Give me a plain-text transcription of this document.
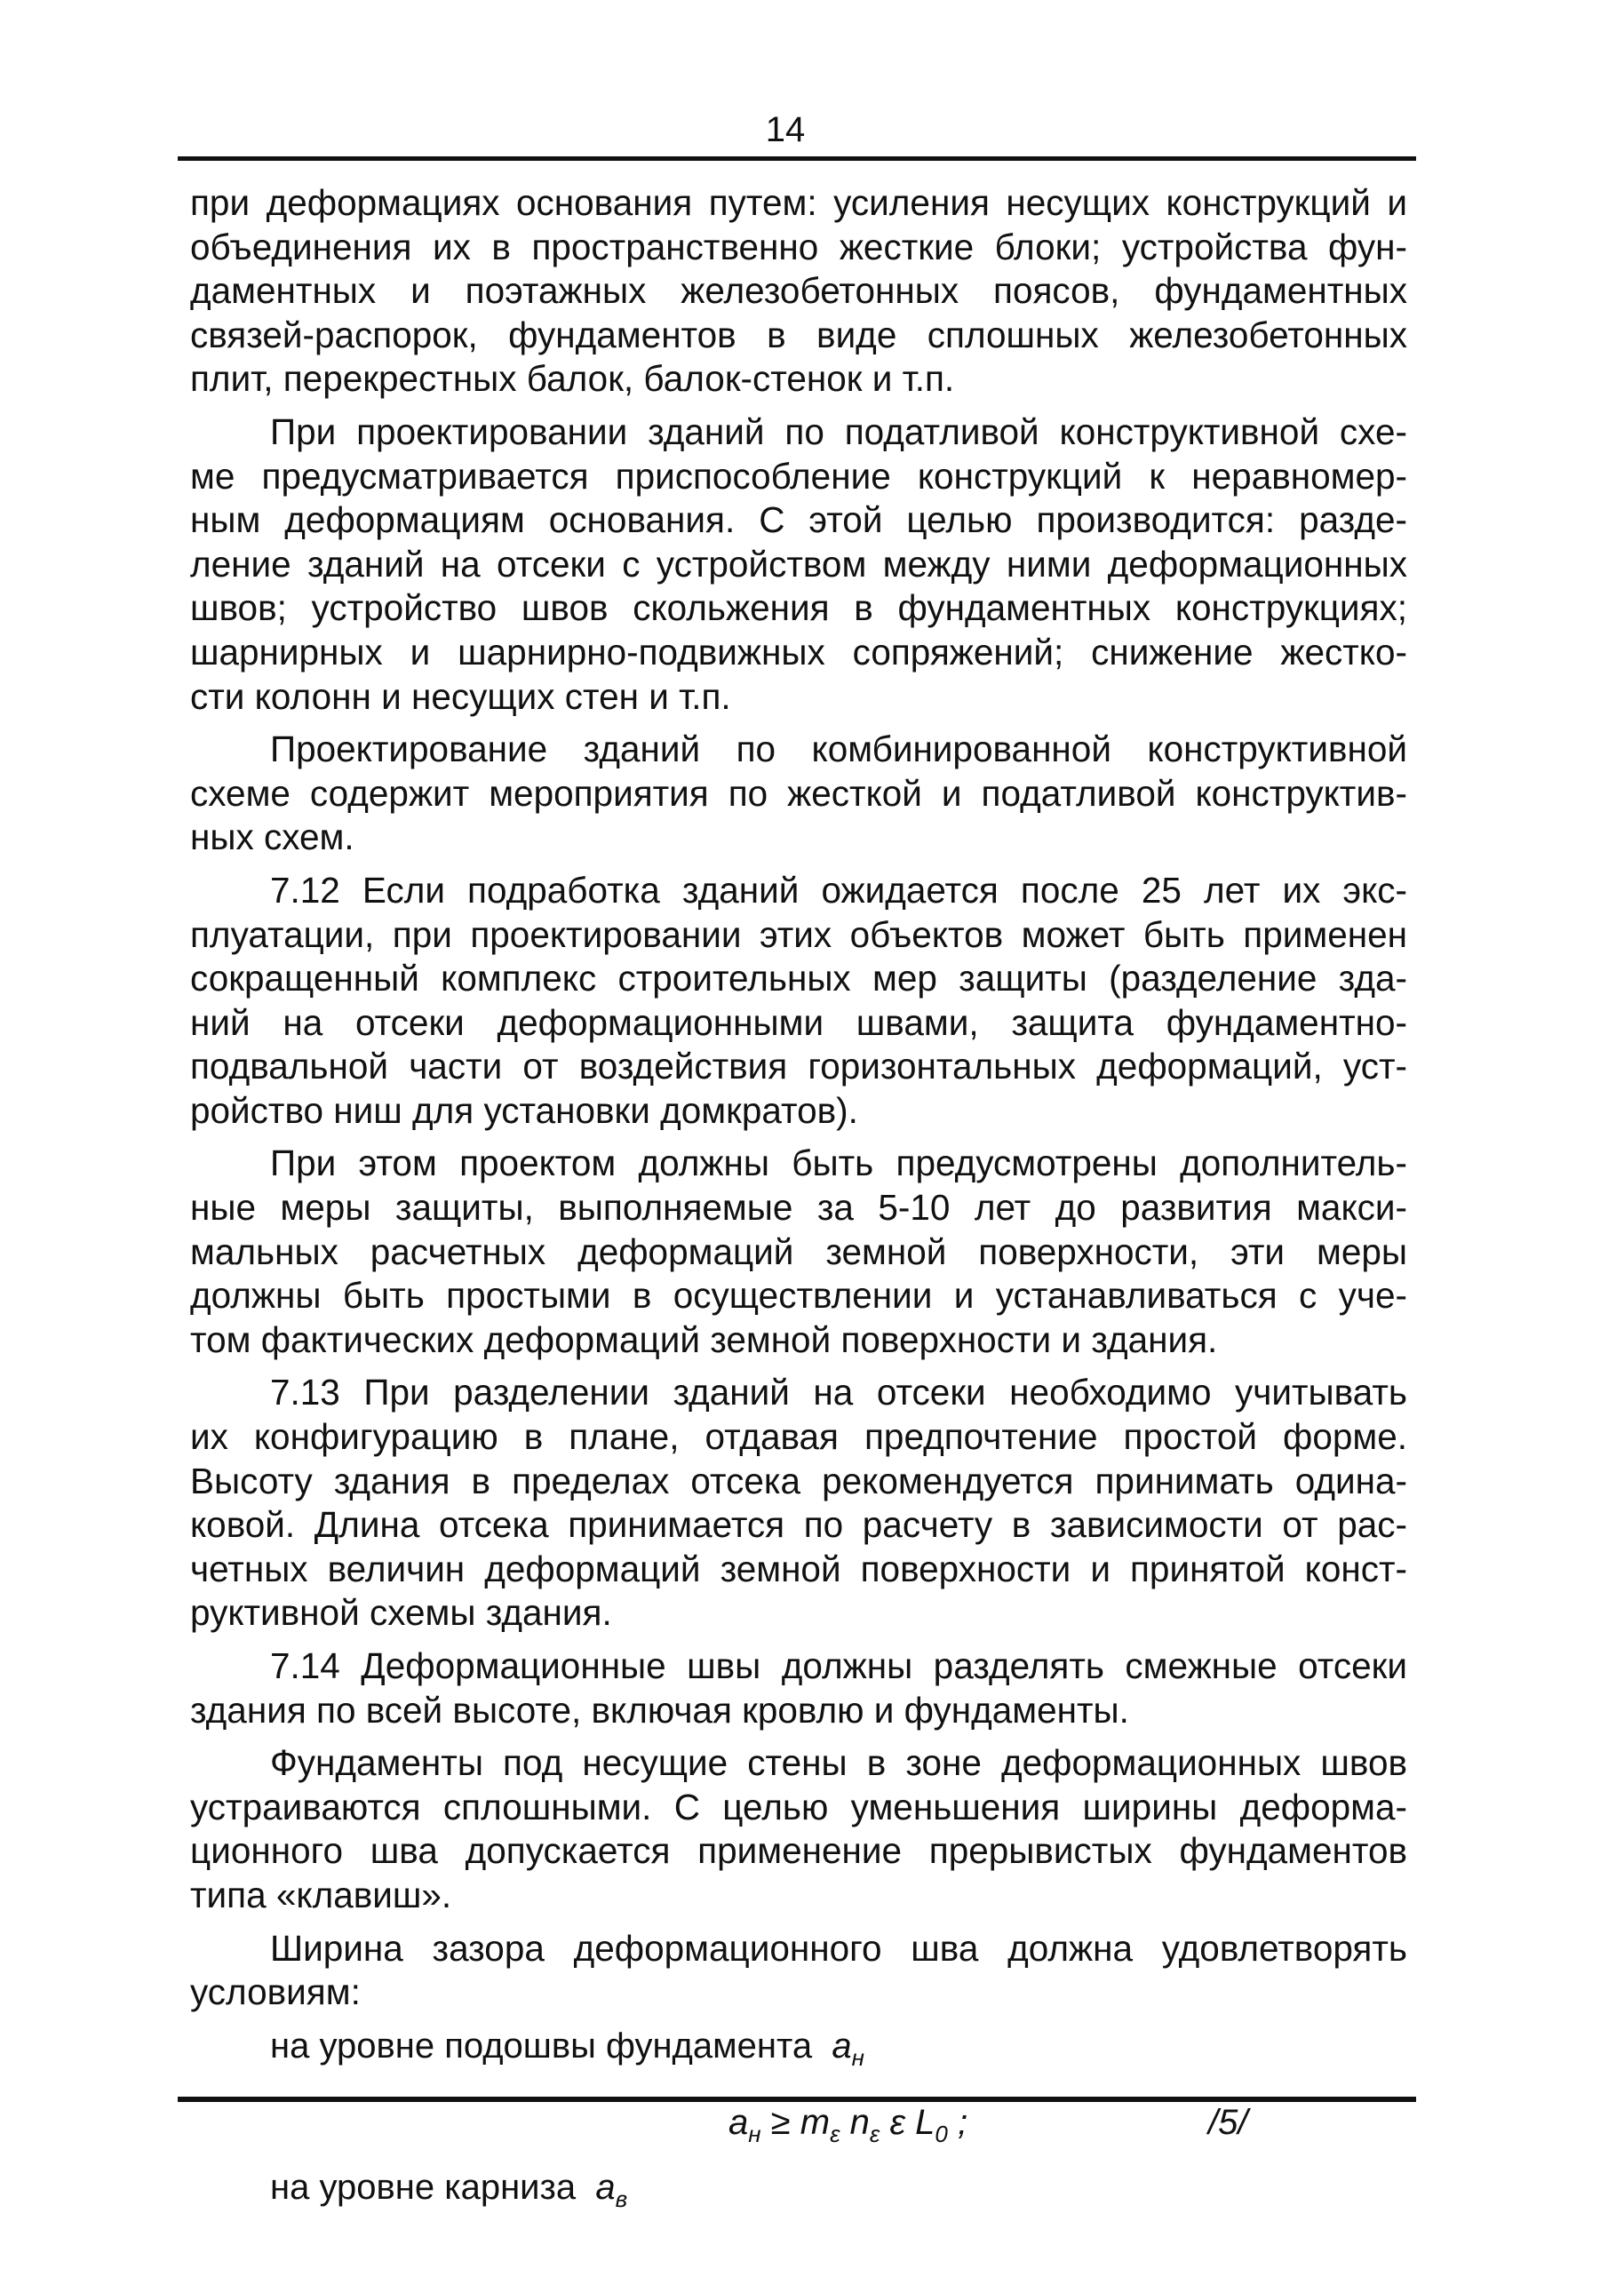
14
при деформациях основания путем: усиления несущих конструкций и
объединения их в пространственно жесткие блоки; устройства фун-
даментных и поэтажных железобетонных поясов, фундаментных
связей-распорок, фундаментов в виде сплошных железобетонных
плит, перекрестных балок, балок-стенок и т.п.
При проектировании зданий по податливой конструктивной схе-
ме предусматривается приспособление конструкций к неравномер-
ным деформациям основания. С этой целью производится: разде-
ление зданий на отсеки с устройством между ними деформационных
швов; устройство швов скольжения в фундаментных конструкциях;
шарнирных и шарнирно-подвижных сопряжений; снижение жестко-
сти колонн и несущих стен и т.п.
Проектирование зданий по комбинированной конструктивной
схеме содержит мероприятия по жесткой и податливой конструктив-
ных схем.
7.12 Если подработка зданий ожидается после 25 лет их экс-
плуатации, при проектировании этих объектов может быть применен
сокращенный комплекс строительных мер защиты (разделение зда-
ний на отсеки деформационными швами, защита фундаментно-
подвальной части от воздействия горизонтальных деформаций, уст-
ройство ниш для установки домкратов).
При этом проектом должны быть предусмотрены дополнитель-
ные меры защиты, выполняемые за 5-10 лет до развития макси-
мальных расчетных деформаций земной поверхности, эти меры
должны быть простыми в осуществлении и устанавливаться с уче-
том фактических деформаций земной поверхности и здания.
7.13 При разделении зданий на отсеки необходимо учитывать
их конфигурацию в плане, отдавая предпочтение простой форме.
Высоту здания в пределах отсека рекомендуется принимать одина-
ковой. Длина отсека принимается по расчету в зависимости от рас-
четных величин деформаций земной поверхности и принятой конст-
руктивной схемы здания.
7.14 Деформационные швы должны разделять смежные отсеки
здания по всей высоте, включая кровлю и фундаменты.
Фундаменты под несущие стены в зоне деформационных швов
устраиваются сплошными. С целью уменьшения ширины деформа-
ционного шва допускается применение прерывистых фундаментов
типа «клавиш».
Ширина зазора деформационного шва должна удовлетворять
условиям:
на уровне подошвы фундамента $a_н$
$a_н \ge m_\varepsilon$ $n_\varepsilon$ ε $L_0$ ;	/5/
на уровне карниза $a_в$
